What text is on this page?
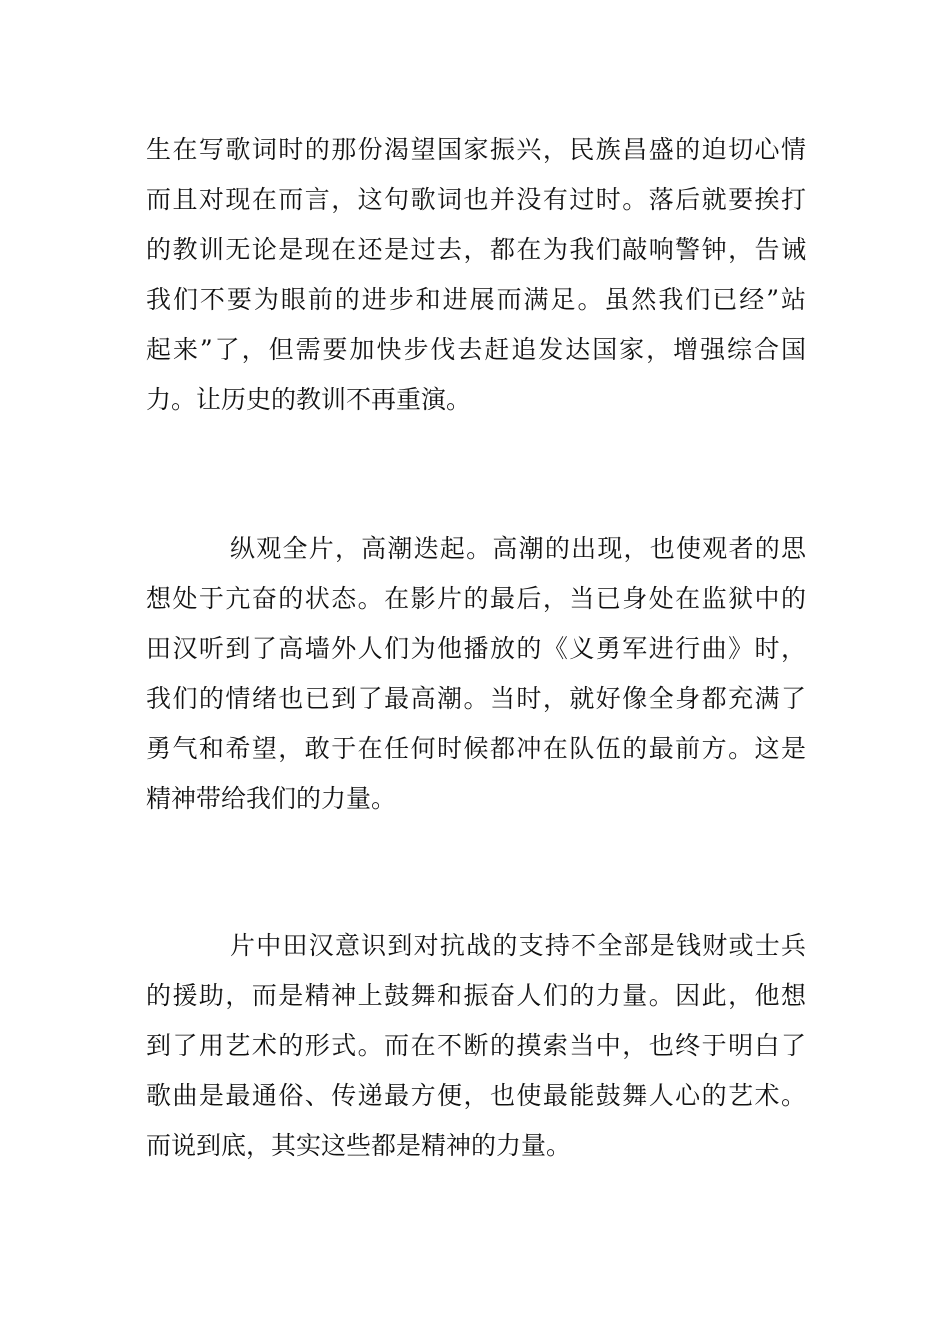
生在写歌词时的那份渴望国家振兴，民族昌盛的迫切心情
而且对现在而言，这句歌词也并没有过时。落后就要挨打
的教训无论是现在还是过去，都在为我们敲响警钟，告诫
我们不要为眼前的进步和进展而满足。虽然我们已经”站
起来”了，但需要加快步伐去赶追发达国家，增强综合国
力。让历史的教训不再重演。
纵观全片，高潮迭起。高潮的出现，也使观者的思
想处于亢奋的状态。在影片的最后，当已身处在监狱中的
田汉听到了高墙外人们为他播放的《义勇军进行曲》时，
我们的情绪也已到了最高潮。当时，就好像全身都充满了
勇气和希望，敢于在任何时候都冲在队伍的最前方。这是
精神带给我们的力量。
片中田汉意识到对抗战的支持不全部是钱财或士兵
的援助，而是精神上鼓舞和振奋人们的力量。因此，他想
到了用艺术的形式。而在不断的摸索当中，也终于明白了
歌曲是最通俗、传递最方便，也使最能鼓舞人心的艺术。
而说到底，其实这些都是精神的力量。
